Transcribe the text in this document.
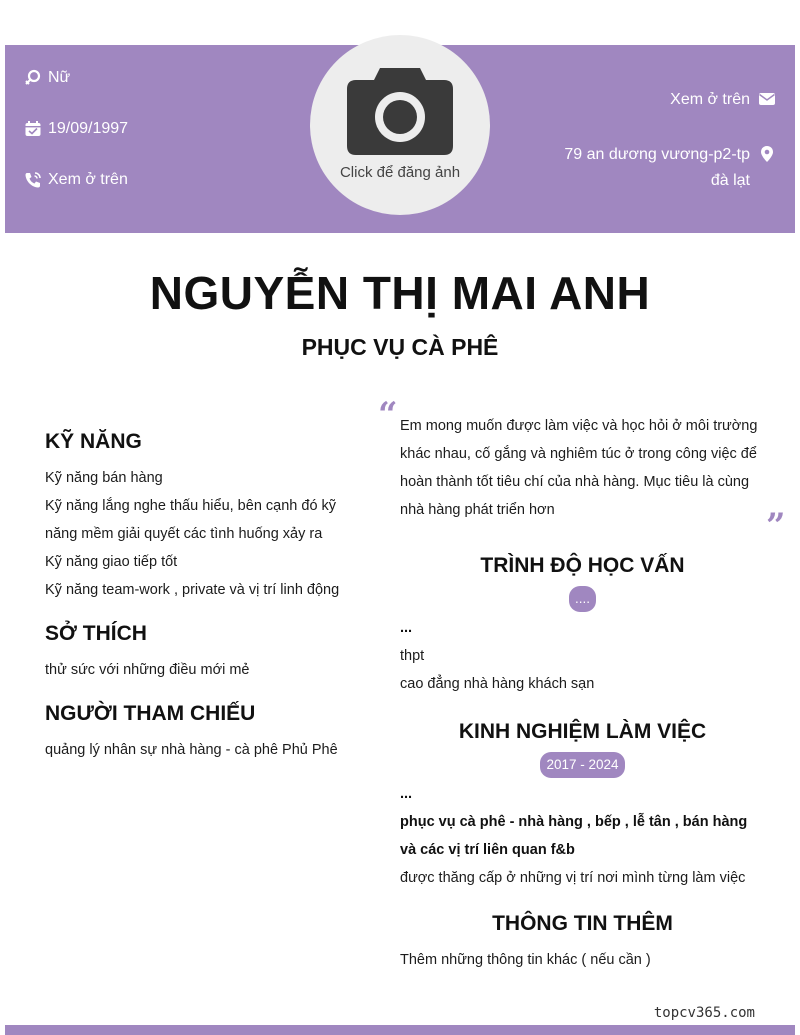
Nữ
19/09/1997
Xem ở trên	Click để đăng ảnh
Xem ở trên
79 an dương vương-p2-tp đà lạt
NGUYỄN THỊ MAI ANH
PHỤC VỤ CÀ PHÊ
KỸ NĂNG
Kỹ năng bán hàng
Kỹ năng lắng nghe thấu hiểu, bên cạnh đó kỹ năng mềm giải quyết các tình huống xảy ra
Kỹ năng giao tiếp tốt
Kỹ năng team-work , private và vị trí linh động
SỞ THÍCH
thử sức với những điều mới mẻ
NGƯỜI THAM CHIẾU
quảng lý nhân sự nhà hàng - cà phê Phủ Phê
“
”
Em mong muốn được làm việc và học hỏi ở môi trường khác nhau, cố gắng và nghiêm túc ở trong công việc để hoàn thành tốt tiêu chí của nhà hàng. Mục tiêu là cùng nhà hàng phát triển hơn
TRÌNH ĐỘ HỌC VẤN
....
...
thpt
cao đẳng nhà hàng khách sạn
KINH NGHIỆM LÀM VIỆC
2017 - 2024
...
phục vụ cà phê - nhà hàng , bếp , lễ tân , bán hàng và các vị trí liên quan f&b
được thăng cấp ở những vị trí nơi mình từng làm việc
THÔNG TIN THÊM
Thêm những thông tin khác ( nếu cần )
topcv365.com
